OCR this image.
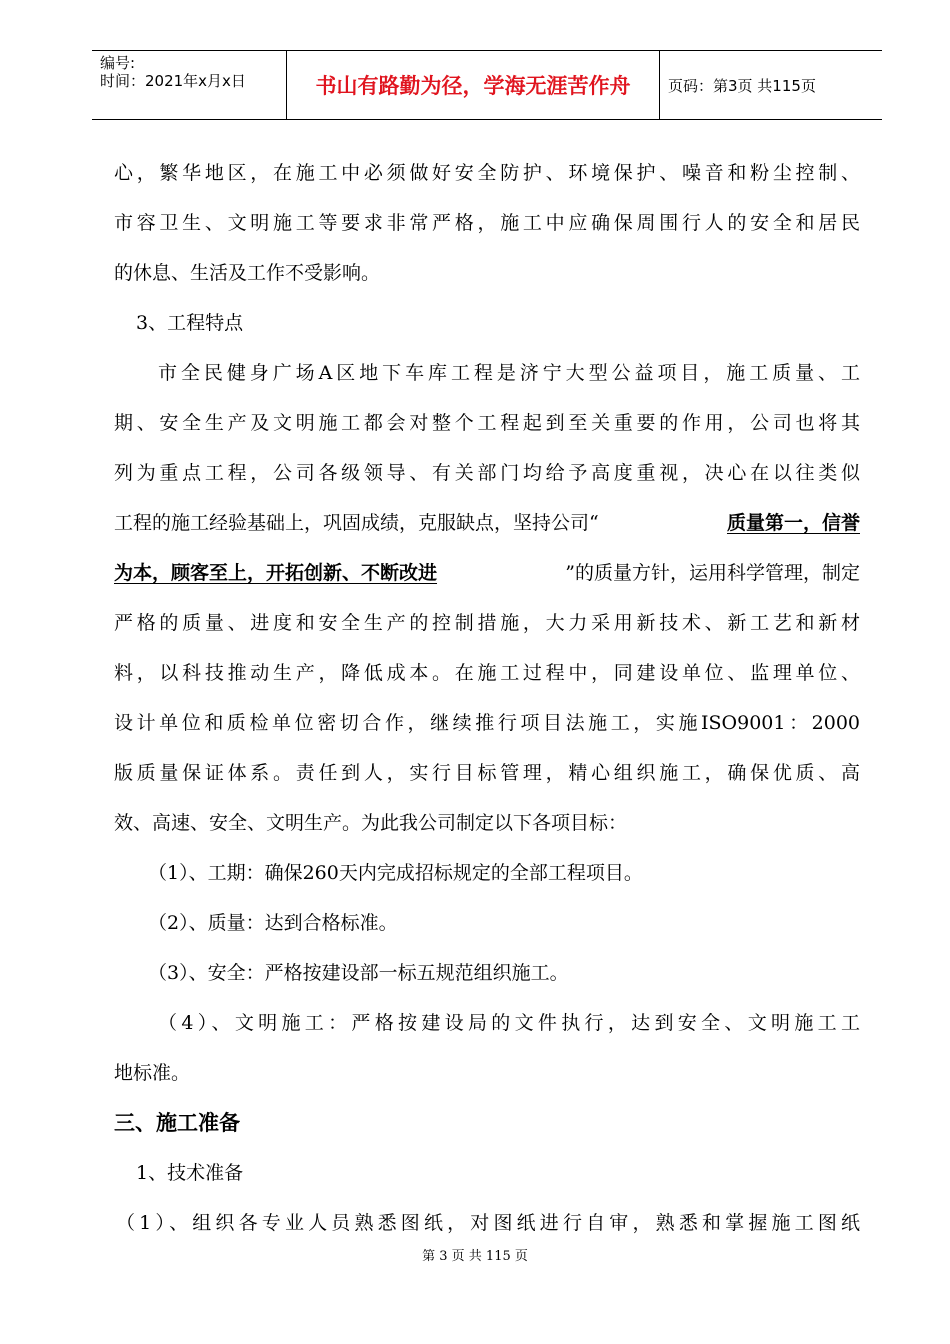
编号:
时间：2021年x月x日	书山有路勤为径，学海无涯苦作舟	页码：第3页 共115页
心，繁华地区，在施工中必须做好安全防护、环境保护、噪音和粉尘控制、
市容卫生、文明施工等要求非常严格，施工中应确保周围行人的安全和居民
的休息、生活及工作不受影响。
3、工程特点
市全民健身广场A区地下车库工程是济宁大型公益项目，施工质量、工
期、安全生产及文明施工都会对整个工程起到至关重要的作用，公司也将其
列为重点工程，公司各级领导、有关部门均给予高度重视，决心在以往类似
工程的施工经验基础上，巩固成绩，克服缺点，坚持公司“	质量第一，信誉
为本，顾客至上，开拓创新、不断改进	”的质量方针，运用科学管理，制定
严格的质量、进度和安全生产的控制措施，大力采用新技术、新工艺和新材
料，以科技推动生产，降低成本。在施工过程中，同建设单位、监理单位、
设计单位和质检单位密切合作，继续推行项目法施工，实施ISO9001：2000
版质量保证体系。责任到人，实行目标管理，精心组织施工，确保优质、高
效、高速、安全、文明生产。为此我公司制定以下各项目标：
（1）、工期：确保260天内完成招标规定的全部工程项目。
（2）、质量：达到合格标准。
（3）、安全：严格按建设部一标五规范组织施工。
（4）、文明施工：严格按建设局的文件执行，达到安全、文明施工工
地标准。
三、施工准备
1、技术准备
（1）、组织各专业人员熟悉图纸，对图纸进行自审，熟悉和掌握施工图纸
第 3 页 共 115 页
